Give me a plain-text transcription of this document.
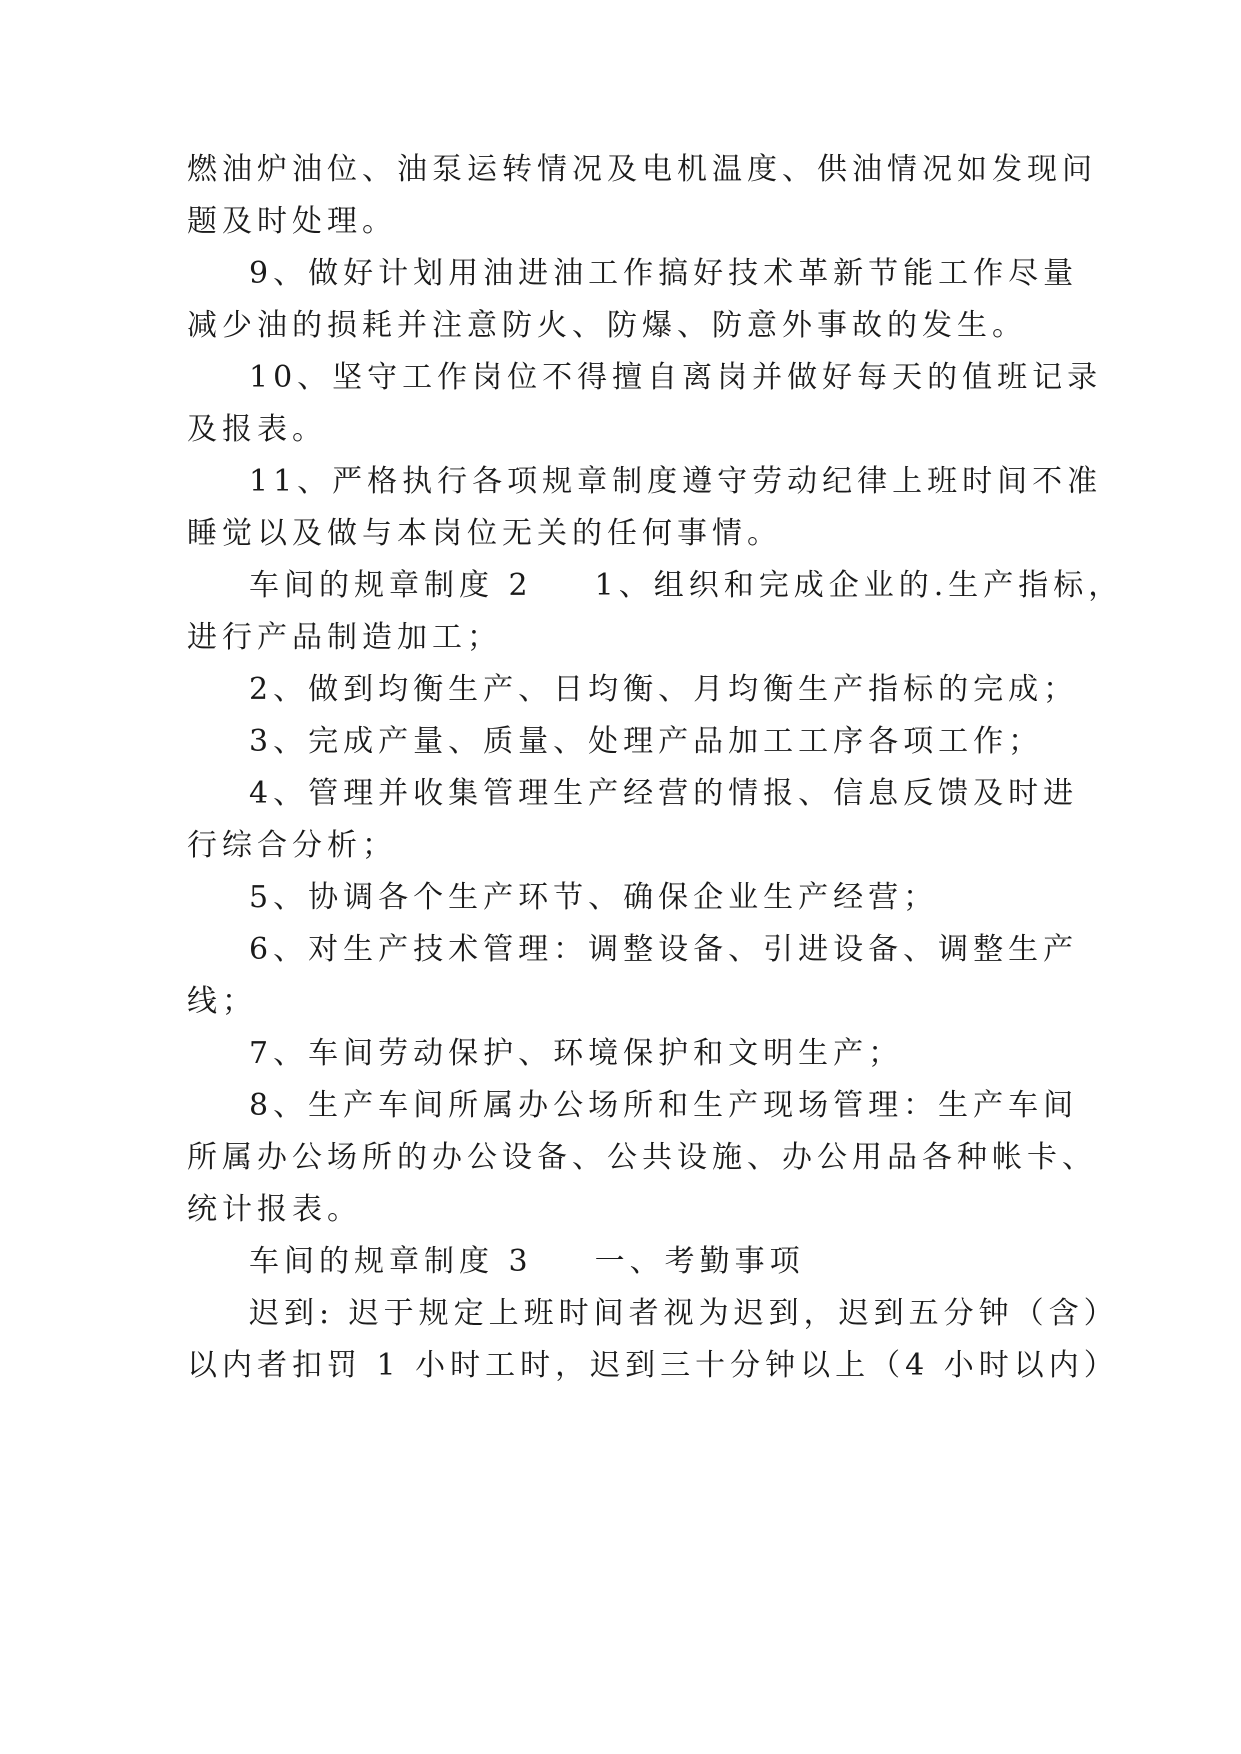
燃油炉油位、油泵运转情况及电机温度、供油情况如发现问
题及时处理。
9、做好计划用油进油工作搞好技术革新节能工作尽量
减少油的损耗并注意防火、防爆、防意外事故的发生。
10、坚守工作岗位不得擅自离岗并做好每天的值班记录
及报表。
11、严格执行各项规章制度遵守劳动纪律上班时间不准
睡觉以及做与本岗位无关的任何事情。
车间的规章制度 2 1、组织和完成企业的.生产指标，
进行产品制造加工；
2、做到均衡生产、日均衡、月均衡生产指标的完成；
3、完成产量、质量、处理产品加工工序各项工作；
4、管理并收集管理生产经营的情报、信息反馈及时进
行综合分析；
5、协调各个生产环节、确保企业生产经营；
6、对生产技术管理：调整设备、引进设备、调整生产
线；
7、车间劳动保护、环境保护和文明生产；
8、生产车间所属办公场所和生产现场管理：生产车间
所属办公场所的办公设备、公共设施、办公用品各种帐卡、
统计报表。
车间的规章制度 3 一、考勤事项
迟到: 迟于规定上班时间者视为迟到，迟到五分钟（含）
以内者扣罚 1 小时工时，迟到三十分钟以上（4 小时以内）
